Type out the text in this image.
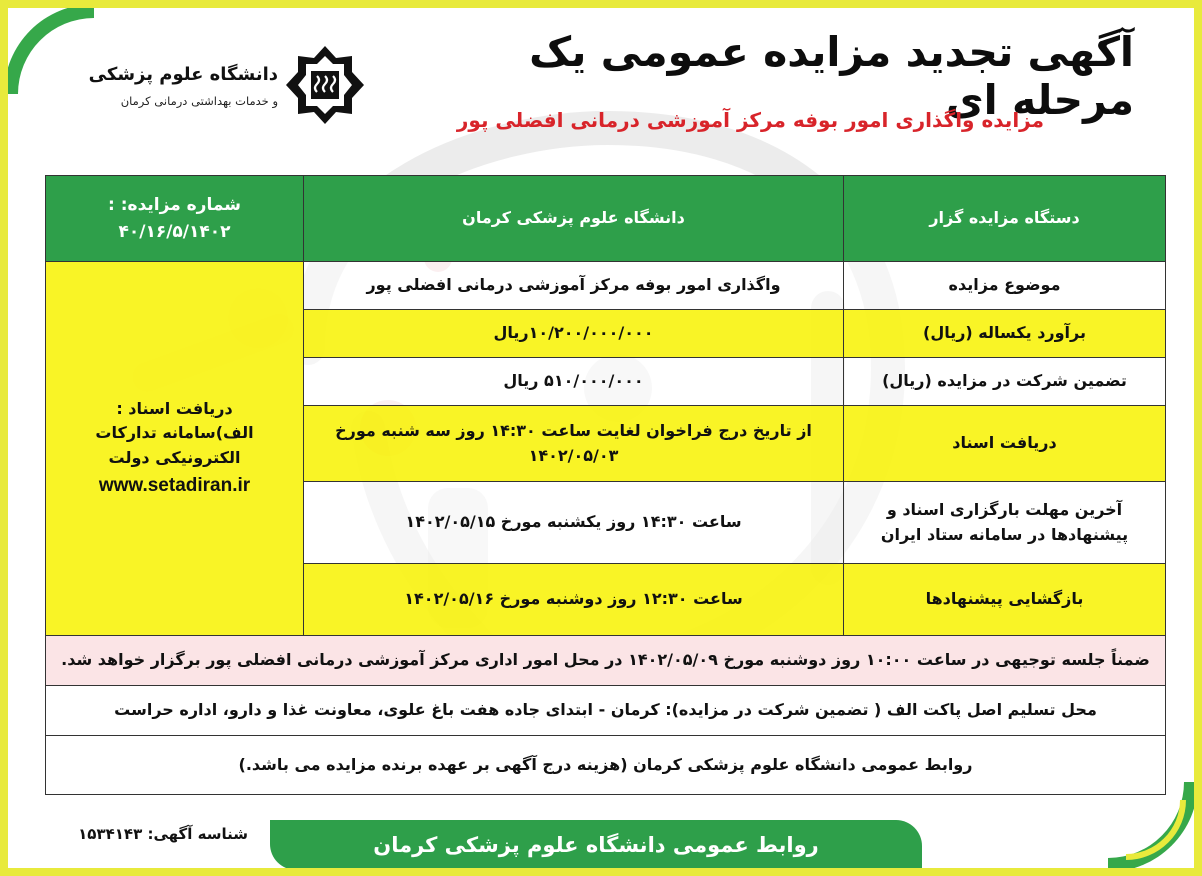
آگهی تجدید مزایده عمومی یک مرحله ای
مزایده واگذاری امور بوفه مرکز آموزشی درمانی افضلی پور
دانشگاه علوم پزشکی
و خدمات بهداشتی درمانی کرمان
دستگاه مزایده گزار	دانشگاه علوم پزشکی کرمان	شماره مزایده: : ۴۰/۱۶/۵/۱۴۰۲
موضوع مزایده	واگذاری امور بوفه مرکز آموزشی درمانی افضلی پور	دریافت اسناد :
الف)سامانه تدارکات
الکترونیکی دولت
www.setadiran.ir

برآورد یکساله (ریال)	۱۰/۲۰۰/۰۰۰/۰۰۰ریال	
تضمین شرکت در مزایده (ریال)	۵۱۰/۰۰۰/۰۰۰ ریال	
دریافت اسناد	از تاریخ درج فراخوان لغایت ساعت ۱۴:۳۰ روز سه شنبه مورخ ۱۴۰۲/۰۵/۰۳	
آخرین مهلت بارگزاری اسناد و پیشنهادها در سامانه ستاد ایران	ساعت ۱۴:۳۰ روز یکشنبه مورخ ۱۴۰۲/۰۵/۱۵	
بازگشایی پیشنهادها	ساعت ۱۲:۳۰ روز دوشنبه مورخ ۱۴۰۲/۰۵/۱۶	
ضمناً جلسه توجیهی در ساعت ۱۰:۰۰ روز دوشنبه مورخ ۱۴۰۲/۰۵/۰۹ در محل امور اداری مرکز آموزشی درمانی افضلی پور برگزار خواهد شد.		
محل تسلیم اصل پاکت الف ( تضمین شرکت در مزایده): کرمان - ابتدای جاده هفت باغ علوی، معاونت غذا و دارو، اداره حراست		
روابط عمومی دانشگاه علوم پزشکی کرمان (هزینه درج آگهی بر عهده برنده مزایده می باشد.)		
روابط عمومی دانشگاه علوم پزشکی کرمان
شناسه آگهی: ۱۵۳۴۱۴۳
